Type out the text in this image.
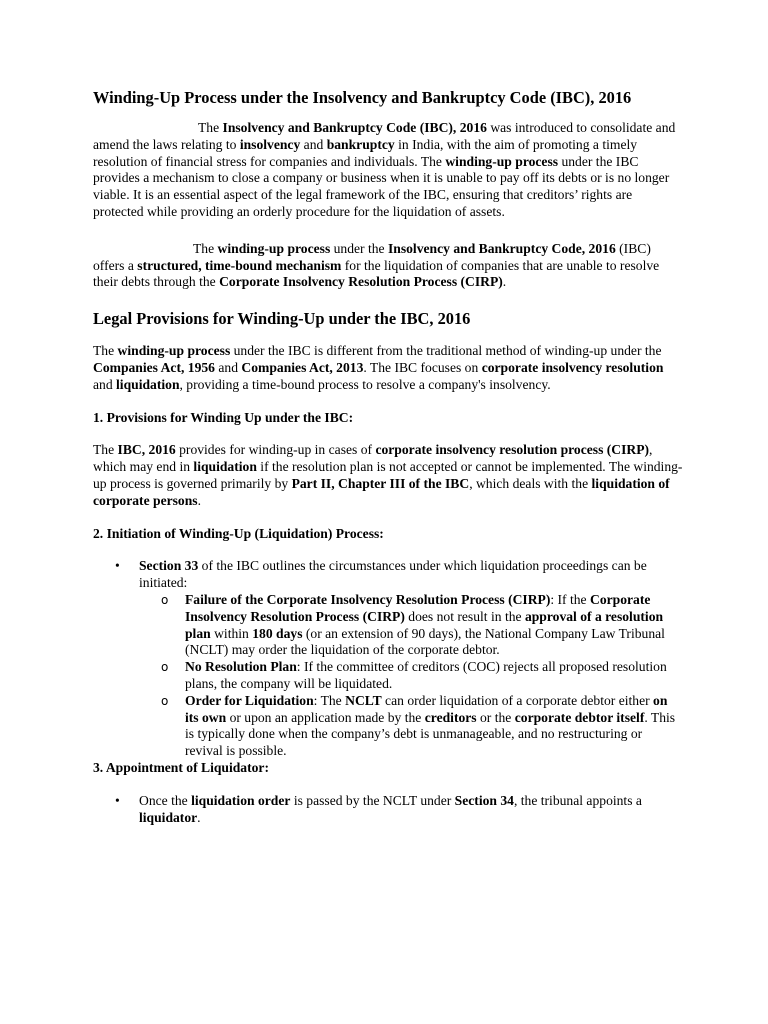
Winding-Up Process under the Insolvency and Bankruptcy Code (IBC), 2016

The Insolvency and Bankruptcy Code (IBC), 2016 was introduced to consolidate and amend the laws relating to insolvency and bankruptcy in India, with the aim of promoting a timely resolution of financial stress for companies and individuals. The winding-up process under the IBC provides a mechanism to close a company or business when it is unable to pay off its debts or is no longer viable. It is an essential aspect of the legal framework of the IBC, ensuring that creditors’ rights are protected while providing an orderly procedure for the liquidation of assets.

The winding-up process under the Insolvency and Bankruptcy Code, 2016 (IBC) offers a structured, time-bound mechanism for the liquidation of companies that are unable to resolve their debts through the Corporate Insolvency Resolution Process (CIRP).

Legal Provisions for Winding-Up under the IBC, 2016

The winding-up process under the IBC is different from the traditional method of winding-up under the Companies Act, 1956 and Companies Act, 2013. The IBC focuses on corporate insolvency resolution and liquidation, providing a time-bound process to resolve a company's insolvency.

1. Provisions for Winding Up under the IBC:

The IBC, 2016 provides for winding-up in cases of corporate insolvency resolution process (CIRP), which may end in liquidation if the resolution plan is not accepted or cannot be implemented. The winding-up process is governed primarily by Part II, Chapter III of the IBC, which deals with the liquidation of corporate persons.

2. Initiation of Winding-Up (Liquidation) Process:

• Section 33 of the IBC outlines the circumstances under which liquidation proceedings can be initiated:
o Failure of the Corporate Insolvency Resolution Process (CIRP): If the Corporate Insolvency Resolution Process (CIRP) does not result in the approval of a resolution plan within 180 days (or an extension of 90 days), the National Company Law Tribunal (NCLT) may order the liquidation of the corporate debtor.
o No Resolution Plan: If the committee of creditors (COC) rejects all proposed resolution plans, the company will be liquidated.
o Order for Liquidation: The NCLT can order liquidation of a corporate debtor either on its own or upon an application made by the creditors or the corporate debtor itself. This is typically done when the company’s debt is unmanageable, and no restructuring or revival is possible.

3. Appointment of Liquidator:

• Once the liquidation order is passed by the NCLT under Section 34, the tribunal appoints a liquidator.
